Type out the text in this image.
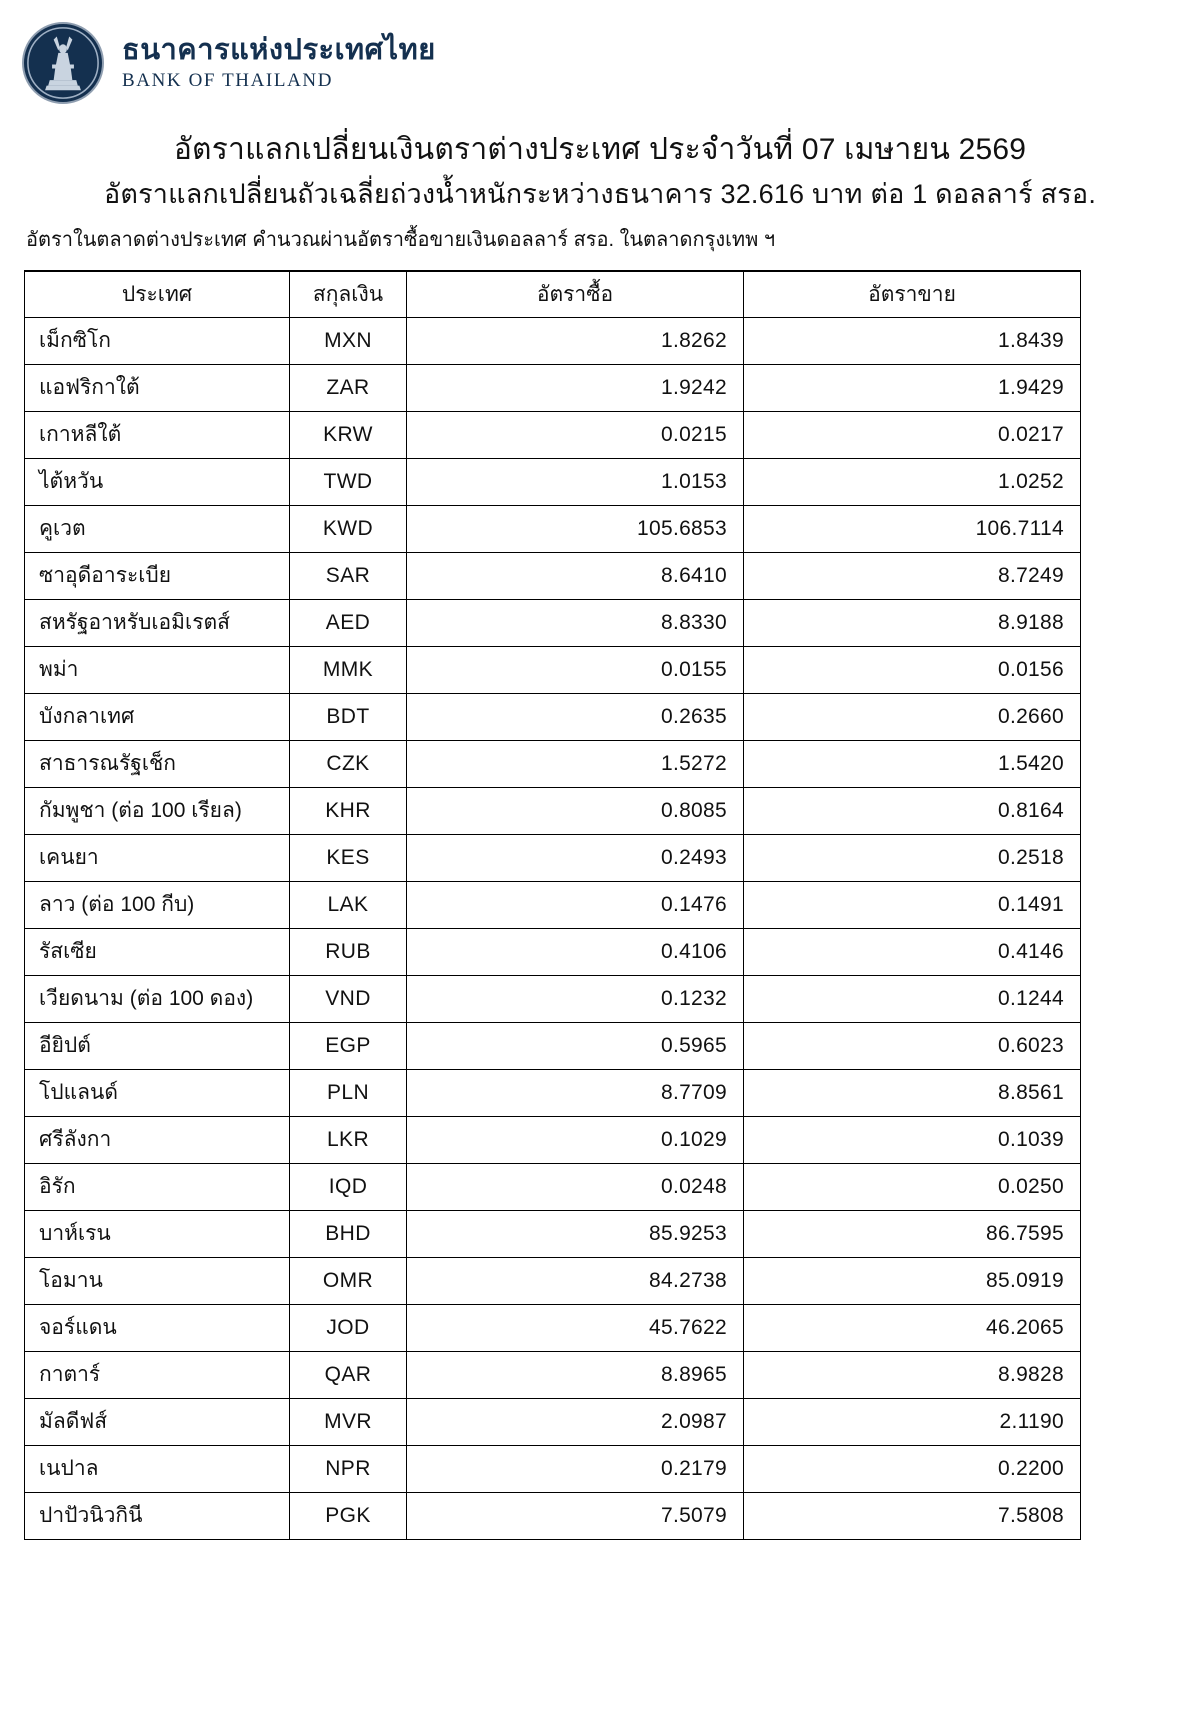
ธนาคารแห่งประเทศไทย
BANK OF THAILAND
อัตราแลกเปลี่ยนเงินตราต่างประเทศ ประจำวันที่ 07 เมษายน 2569
อัตราแลกเปลี่ยนถัวเฉลี่ยถ่วงน้ำหนักระหว่างธนาคาร 32.616 บาท ต่อ 1 ดอลลาร์ สรอ.
อัตราในตลาดต่างประเทศ คำนวณผ่านอัตราซื้อขายเงินดอลลาร์ สรอ. ในตลาดกรุงเทพ ฯ
ประเทศ	สกุลเงิน	อัตราซื้อ	อัตราขาย
เม็กซิโก	MXN	1.8262	1.8439
แอฟริกาใต้	ZAR	1.9242	1.9429
เกาหลีใต้	KRW	0.0215	0.0217
ไต้หวัน	TWD	1.0153	1.0252
คูเวต	KWD	105.6853	106.7114
ซาอุดีอาระเบีย	SAR	8.6410	8.7249
สหรัฐอาหรับเอมิเรตส์	AED	8.8330	8.9188
พม่า	MMK	0.0155	0.0156
บังกลาเทศ	BDT	0.2635	0.2660
สาธารณรัฐเช็ก	CZK	1.5272	1.5420
กัมพูชา (ต่อ 100 เรียล)	KHR	0.8085	0.8164
เคนยา	KES	0.2493	0.2518
ลาว (ต่อ 100 กีบ)	LAK	0.1476	0.1491
รัสเซีย	RUB	0.4106	0.4146
เวียดนาม (ต่อ 100 ดอง)	VND	0.1232	0.1244
อียิปต์	EGP	0.5965	0.6023
โปแลนด์	PLN	8.7709	8.8561
ศรีลังกา	LKR	0.1029	0.1039
อิรัก	IQD	0.0248	0.0250
บาห์เรน	BHD	85.9253	86.7595
โอมาน	OMR	84.2738	85.0919
จอร์แดน	JOD	45.7622	46.2065
กาตาร์	QAR	8.8965	8.9828
มัลดีฟส์	MVR	2.0987	2.1190
เนปาล	NPR	0.2179	0.2200
ปาปัวนิวกินี	PGK	7.5079	7.5808
